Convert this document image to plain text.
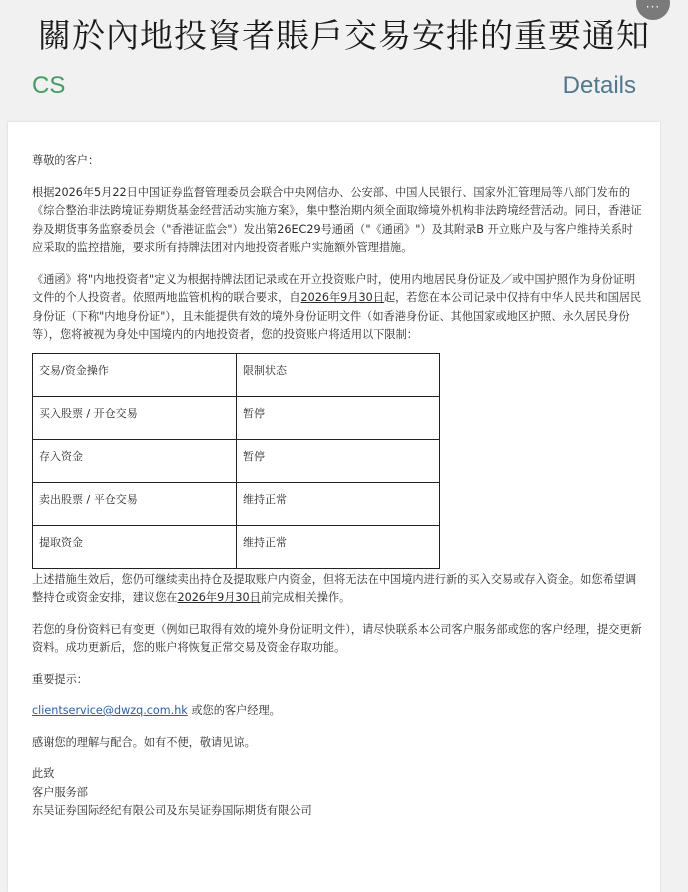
···
關於內地投資者賬戶交易安排的重要通知
CS	Details

尊敬的客户：

根据2026年5月22日中国证券监督管理委员会联合中央网信办、公安部、中国人民银行、国家外汇管理局等八部门发布的《综合整治非法跨境证券期货基金经营活动实施方案》，集中整治期内须全面取缔境外机构非法跨境经营活动。同日，香港证券及期货事务监察委员会（"香港证监会"）发出第26EC29号通函（"《通函》"）及其附录B 开立账户及与客户维持关系时应采取的监控措施，要求所有持牌法团对内地投资者账户实施额外管理措施。

《通函》将"内地投资者"定义为根据持牌法团记录或在开立投资账户时，使用内地居民身份证及／或中国护照作为身份证明文件的个人投资者。依照两地监管机构的联合要求，自2026年9月30日起，若您在本公司记录中仅持有中华人民共和国居民身份证（下称"内地身份证"），且未能提供有效的境外身份证明文件（如香港身份证、其他国家或地区护照、永久居民身份等），您将被视为身处中国境内的内地投资者，您的投资账户将适用以下限制：

交易/资金操作	限制状态
买入股票 / 开仓交易	暂停
存入资金	暂停
卖出股票 / 平仓交易	维持正常
提取资金	维持正常

上述措施生效后，您仍可继续卖出持仓及提取账户内资金，但将无法在中国境内进行新的买入交易或存入资金。如您希望调整持仓或资金安排，建议您在2026年9月30日前完成相关操作。

若您的身份资料已有变更（例如已取得有效的境外身份证明文件），请尽快联系本公司客户服务部或您的客户经理，提交更新资料。成功更新后，您的账户将恢复正常交易及资金存取功能。

重要提示：

clientservice@dwzq.com.hk 或您的客户经理。

感谢您的理解与配合。如有不便，敬请见谅。

此致

客户服务部

东吴证券国际经纪有限公司及东吴证券国际期货有限公司
